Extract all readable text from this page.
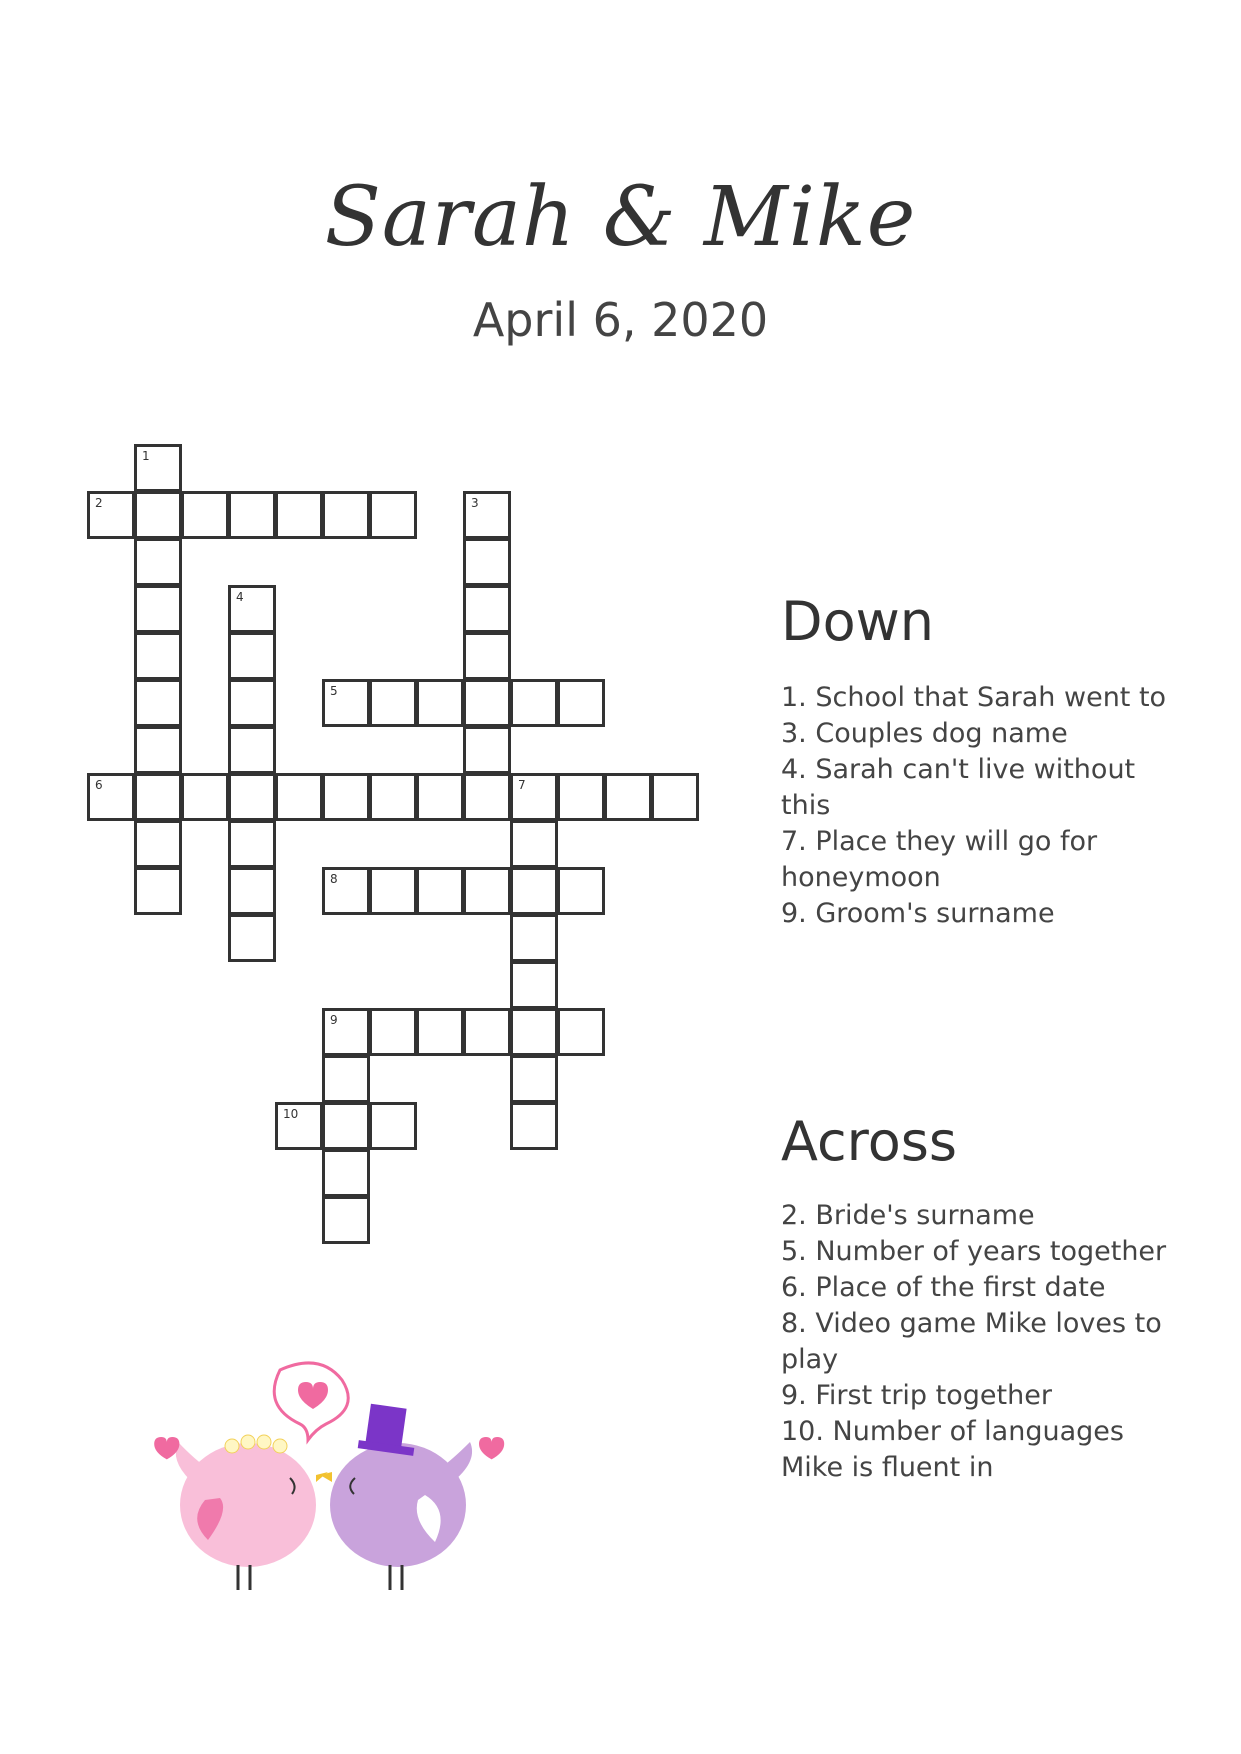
Sarah & Mike
April 6, 2020
1
2	3
4
5
6	7
8
9
10
Down
1. School that Sarah went to
3. Couples dog name
4. Sarah can't live without this
7. Place they will go for honeymoon
9. Groom's surname
Across
2. Bride's surname
5. Number of years together
6. Place of the first date
8. Video game Mike loves to play
9. First trip together
10. Number of languages Mike is fluent in
